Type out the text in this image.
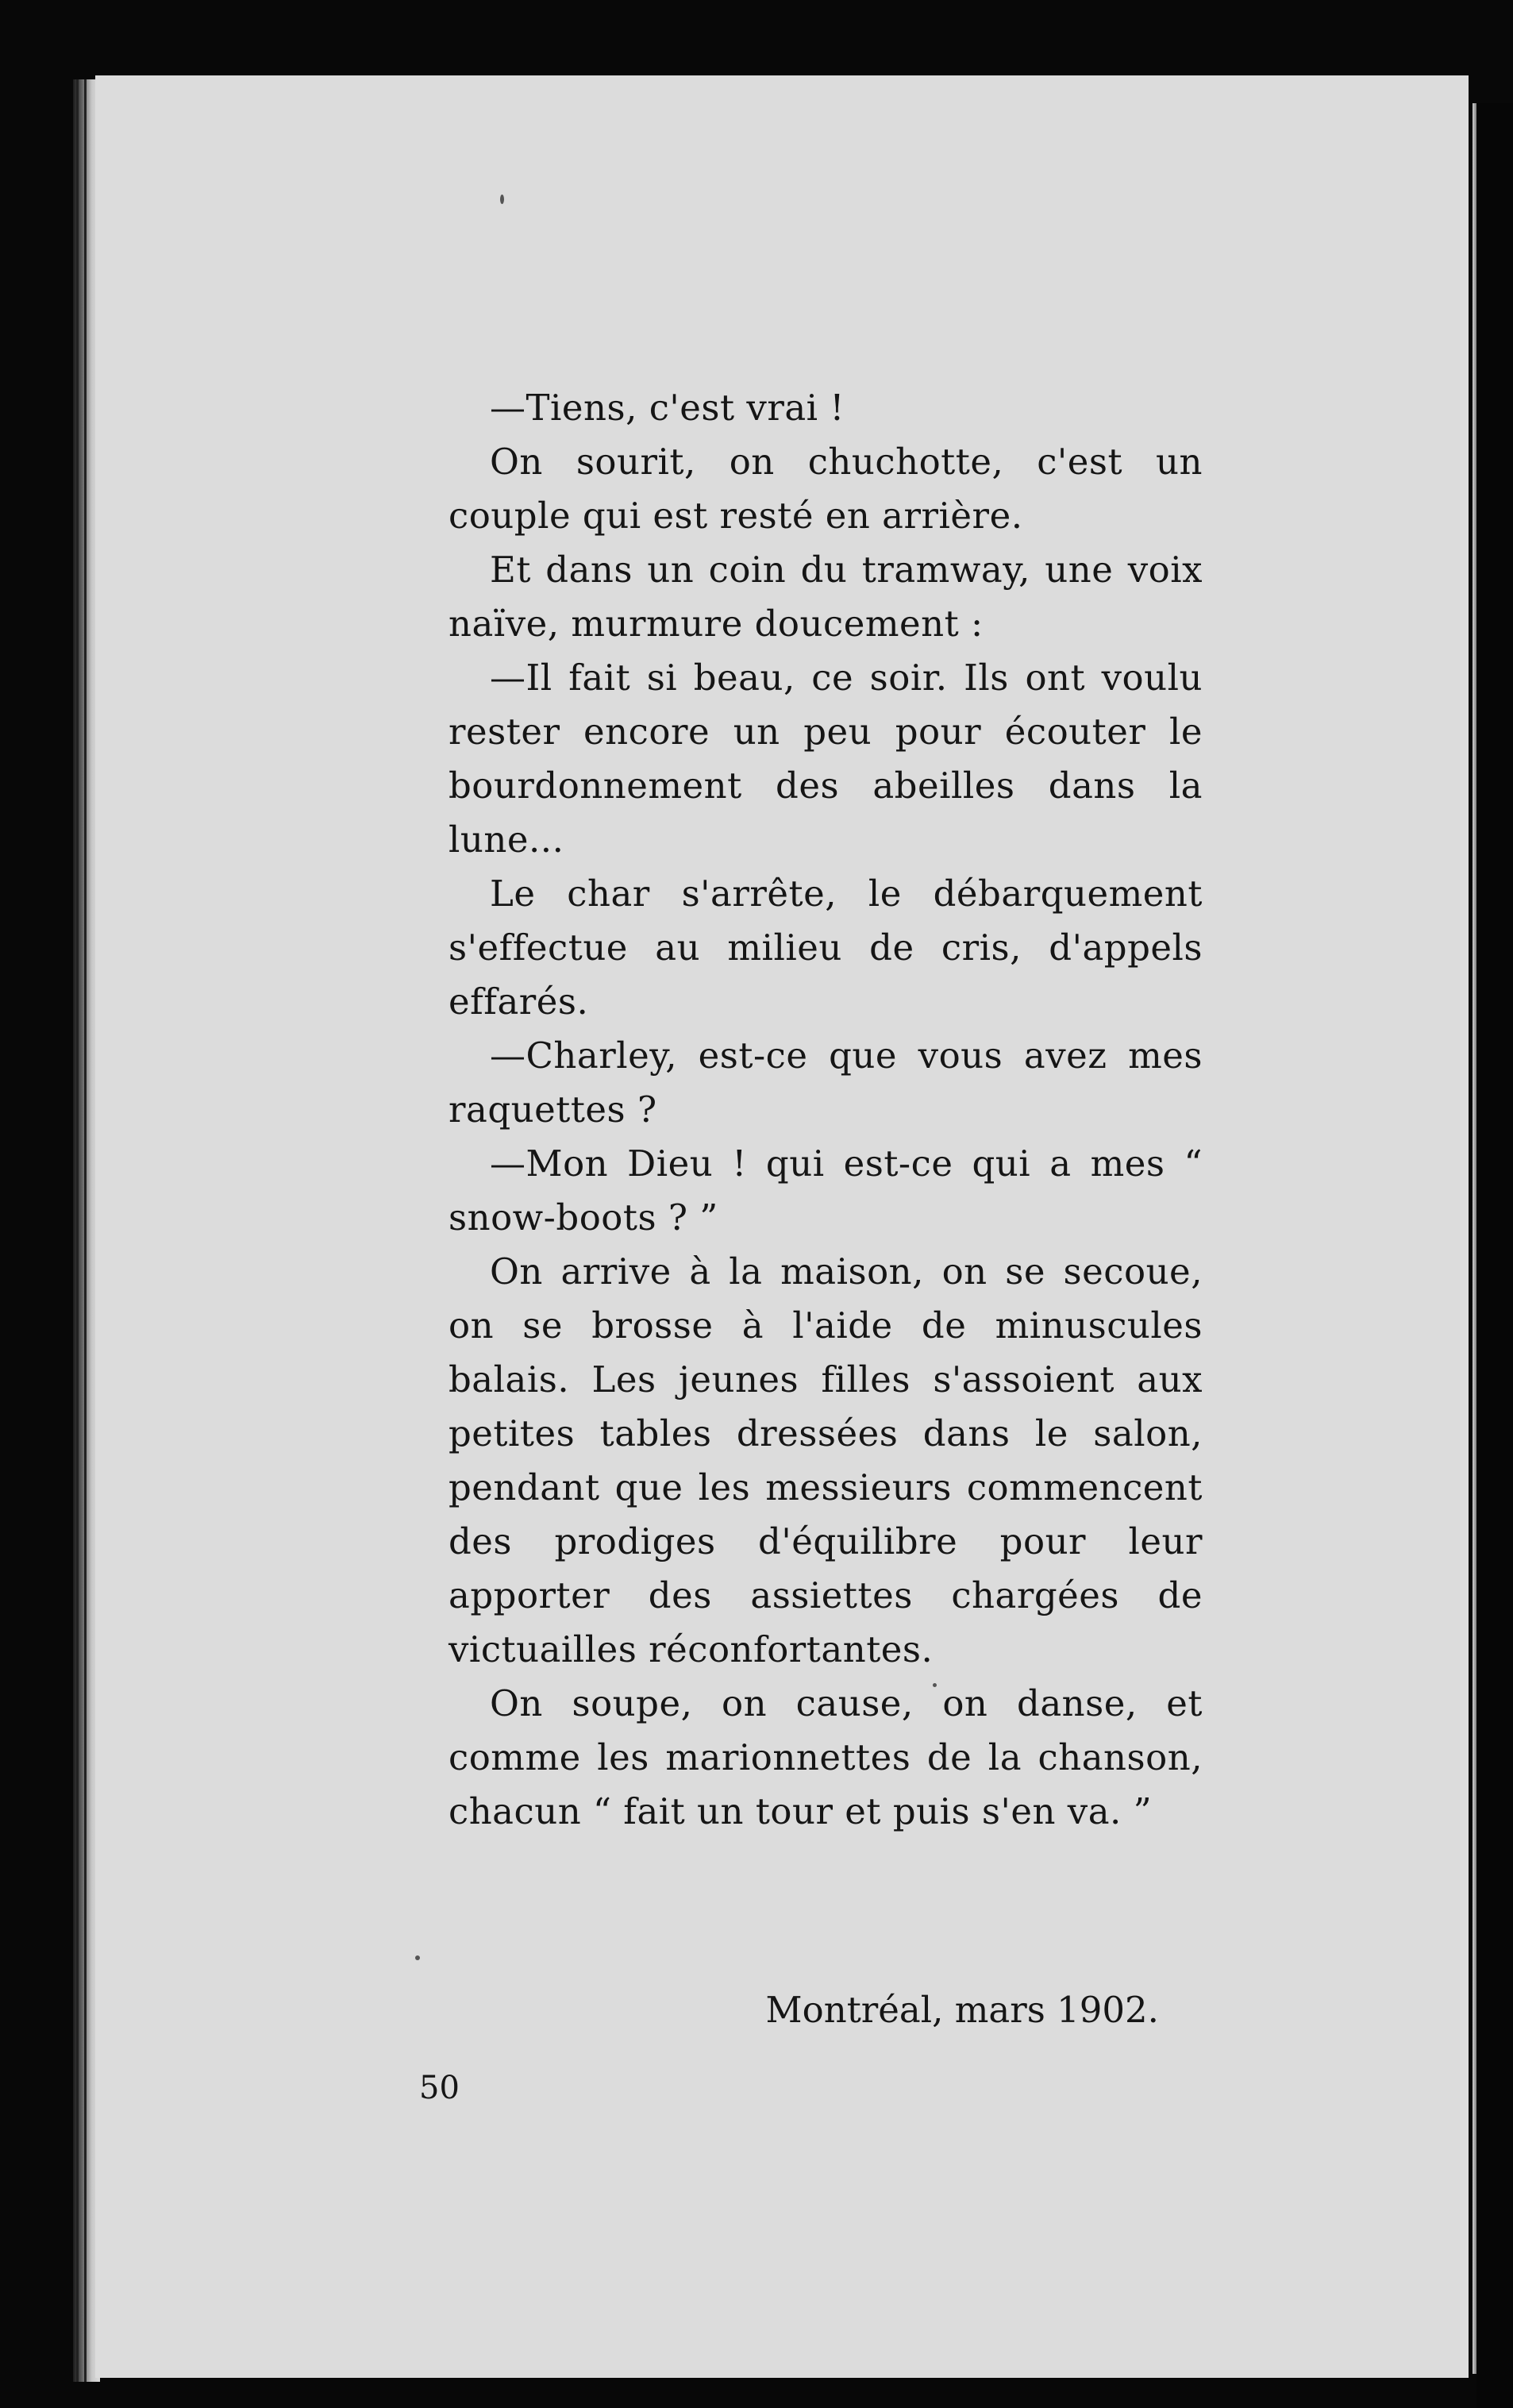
—Tiens, c'est vrai !

On sourit, on chuchotte, c'est un couple qui est resté en arrière.

Et dans un coin du tramway, une voix naïve, murmure doucement :

—Il fait si beau, ce soir. Ils ont voulu rester encore un peu pour écouter le bourdonnement des abeilles dans la lune...

Le char s'arrête, le débarquement s'effectue au milieu de cris, d'appels effarés.

—Charley, est-ce que vous avez mes raquettes ?

—Mon Dieu ! qui est-ce qui a mes “ snow-boots ? ”

On arrive à la maison, on se secoue, on se brosse à l'aide de minuscules balais. Les jeunes filles s'assoient aux petites tables dressées dans le salon, pendant que les messieurs commencent des prodiges d'équilibre pour leur apporter des assiettes chargées de victuailles réconfortantes.

On soupe, on cause, on danse, et comme les marionnettes de la chanson, chacun “ fait un tour et puis s'en va. ”

Montréal, mars 1902.
50
